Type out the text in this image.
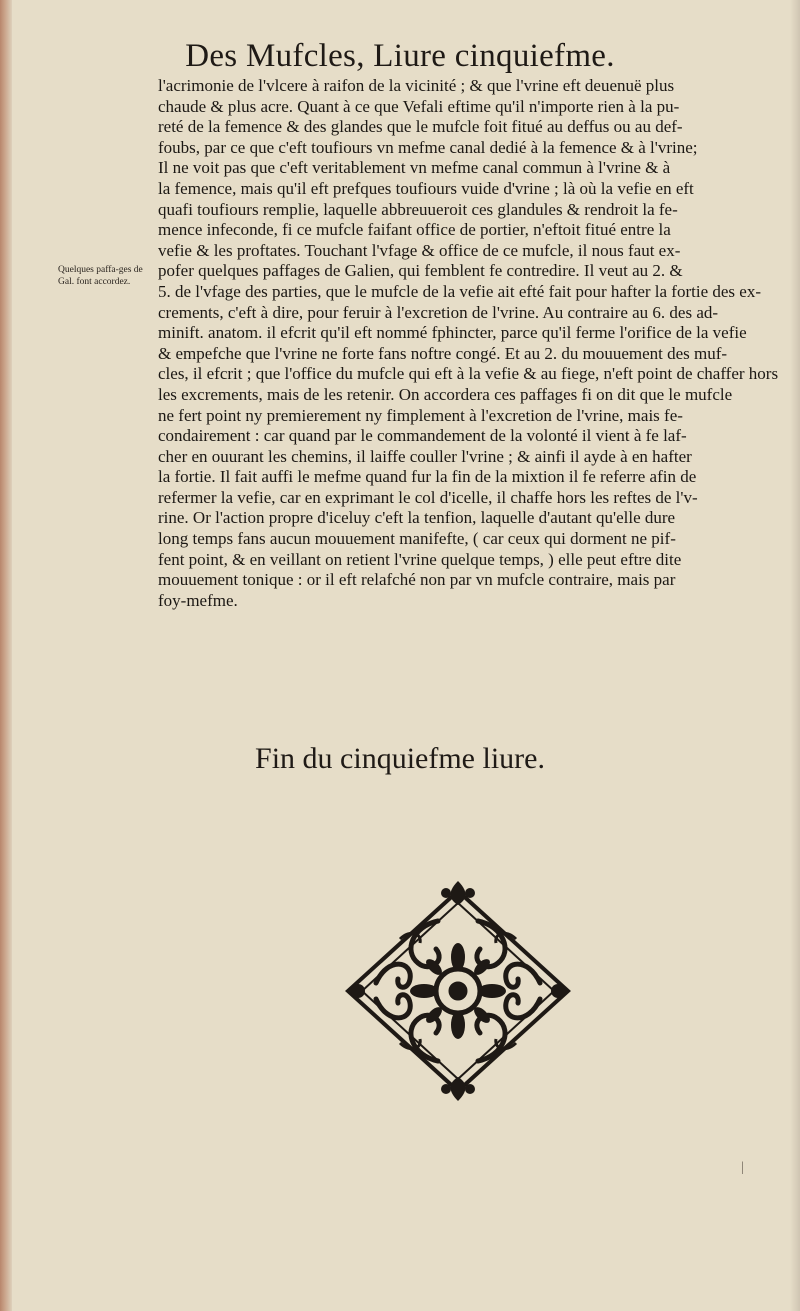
Des Mufcles, Liure cinquiefme.
Quelques paffa-ges de Gal. font accordez.
l'acrimonie de l'vlcere à raifon de la vicinité ; & que l'vrine eft deuenuë plus
chaude & plus acre. Quant à ce que Vefali eftime qu'il n'importe rien à la pu-
reté de la femence & des glandes que le mufcle foit fitué au deffus ou au def-
foubs, par ce que c'eft toufiours vn mefme canal dedié à la femence & à l'vrine;
Il ne voit pas que c'eft veritablement vn mefme canal commun à l'vrine & à
la femence, mais qu'il eft prefques toufiours vuide d'vrine ; là où la vefie en eft
quafi toufiours remplie, laquelle abbreuueroit ces glandules & rendroit la fe-
mence infeconde, fi ce mufcle faifant office de portier, n'eftoit fitué entre la
vefie & les proftates. Touchant l'vfage & office de ce mufcle, il nous faut ex-
pofer quelques paffages de Galien, qui femblent fe contredire. Il veut au 2. &
5. de l'vfage des parties, que le mufcle de la vefie ait efté fait pour hafter la fortie des ex-
crements, c'eft à dire, pour feruir à l'excretion de l'vrine. Au contraire au 6. des ad-
minift. anatom. il efcrit qu'il eft nommé fphincter, parce qu'il ferme l'orifice de la vefie
& empefche que l'vrine ne forte fans noftre congé. Et au 2. du mouuement des muf-
cles, il efcrit ; que l'office du mufcle qui eft à la vefie & au fiege, n'eft point de chaffer hors
les excrements, mais de les retenir. On accordera ces paffages fi on dit que le mufcle
ne fert point ny premierement ny fimplement à l'excretion de l'vrine, mais fe-
condairement : car quand par le commandement de la volonté il vient à fe laf-
cher en ouurant les chemins, il laiffe couller l'vrine ; & ainfi il ayde à en hafter
la fortie. Il fait auffi le mefme quand fur la fin de la mixtion il fe referre afin de
refermer la vefie, car en exprimant le col d'icelle, il chaffe hors les reftes de l'v-
rine. Or l'action propre d'iceluy c'eft la tenfion, laquelle d'autant qu'elle dure
long temps fans aucun mouuement manifefte, ( car ceux qui dorment ne pif-
fent point, & en veillant on retient l'vrine quelque temps, ) elle peut eftre dite
mouuement tonique : or il eft relafché non par vn mufcle contraire, mais par
foy-mefme.
Fin du cinquiefme liure.
|
